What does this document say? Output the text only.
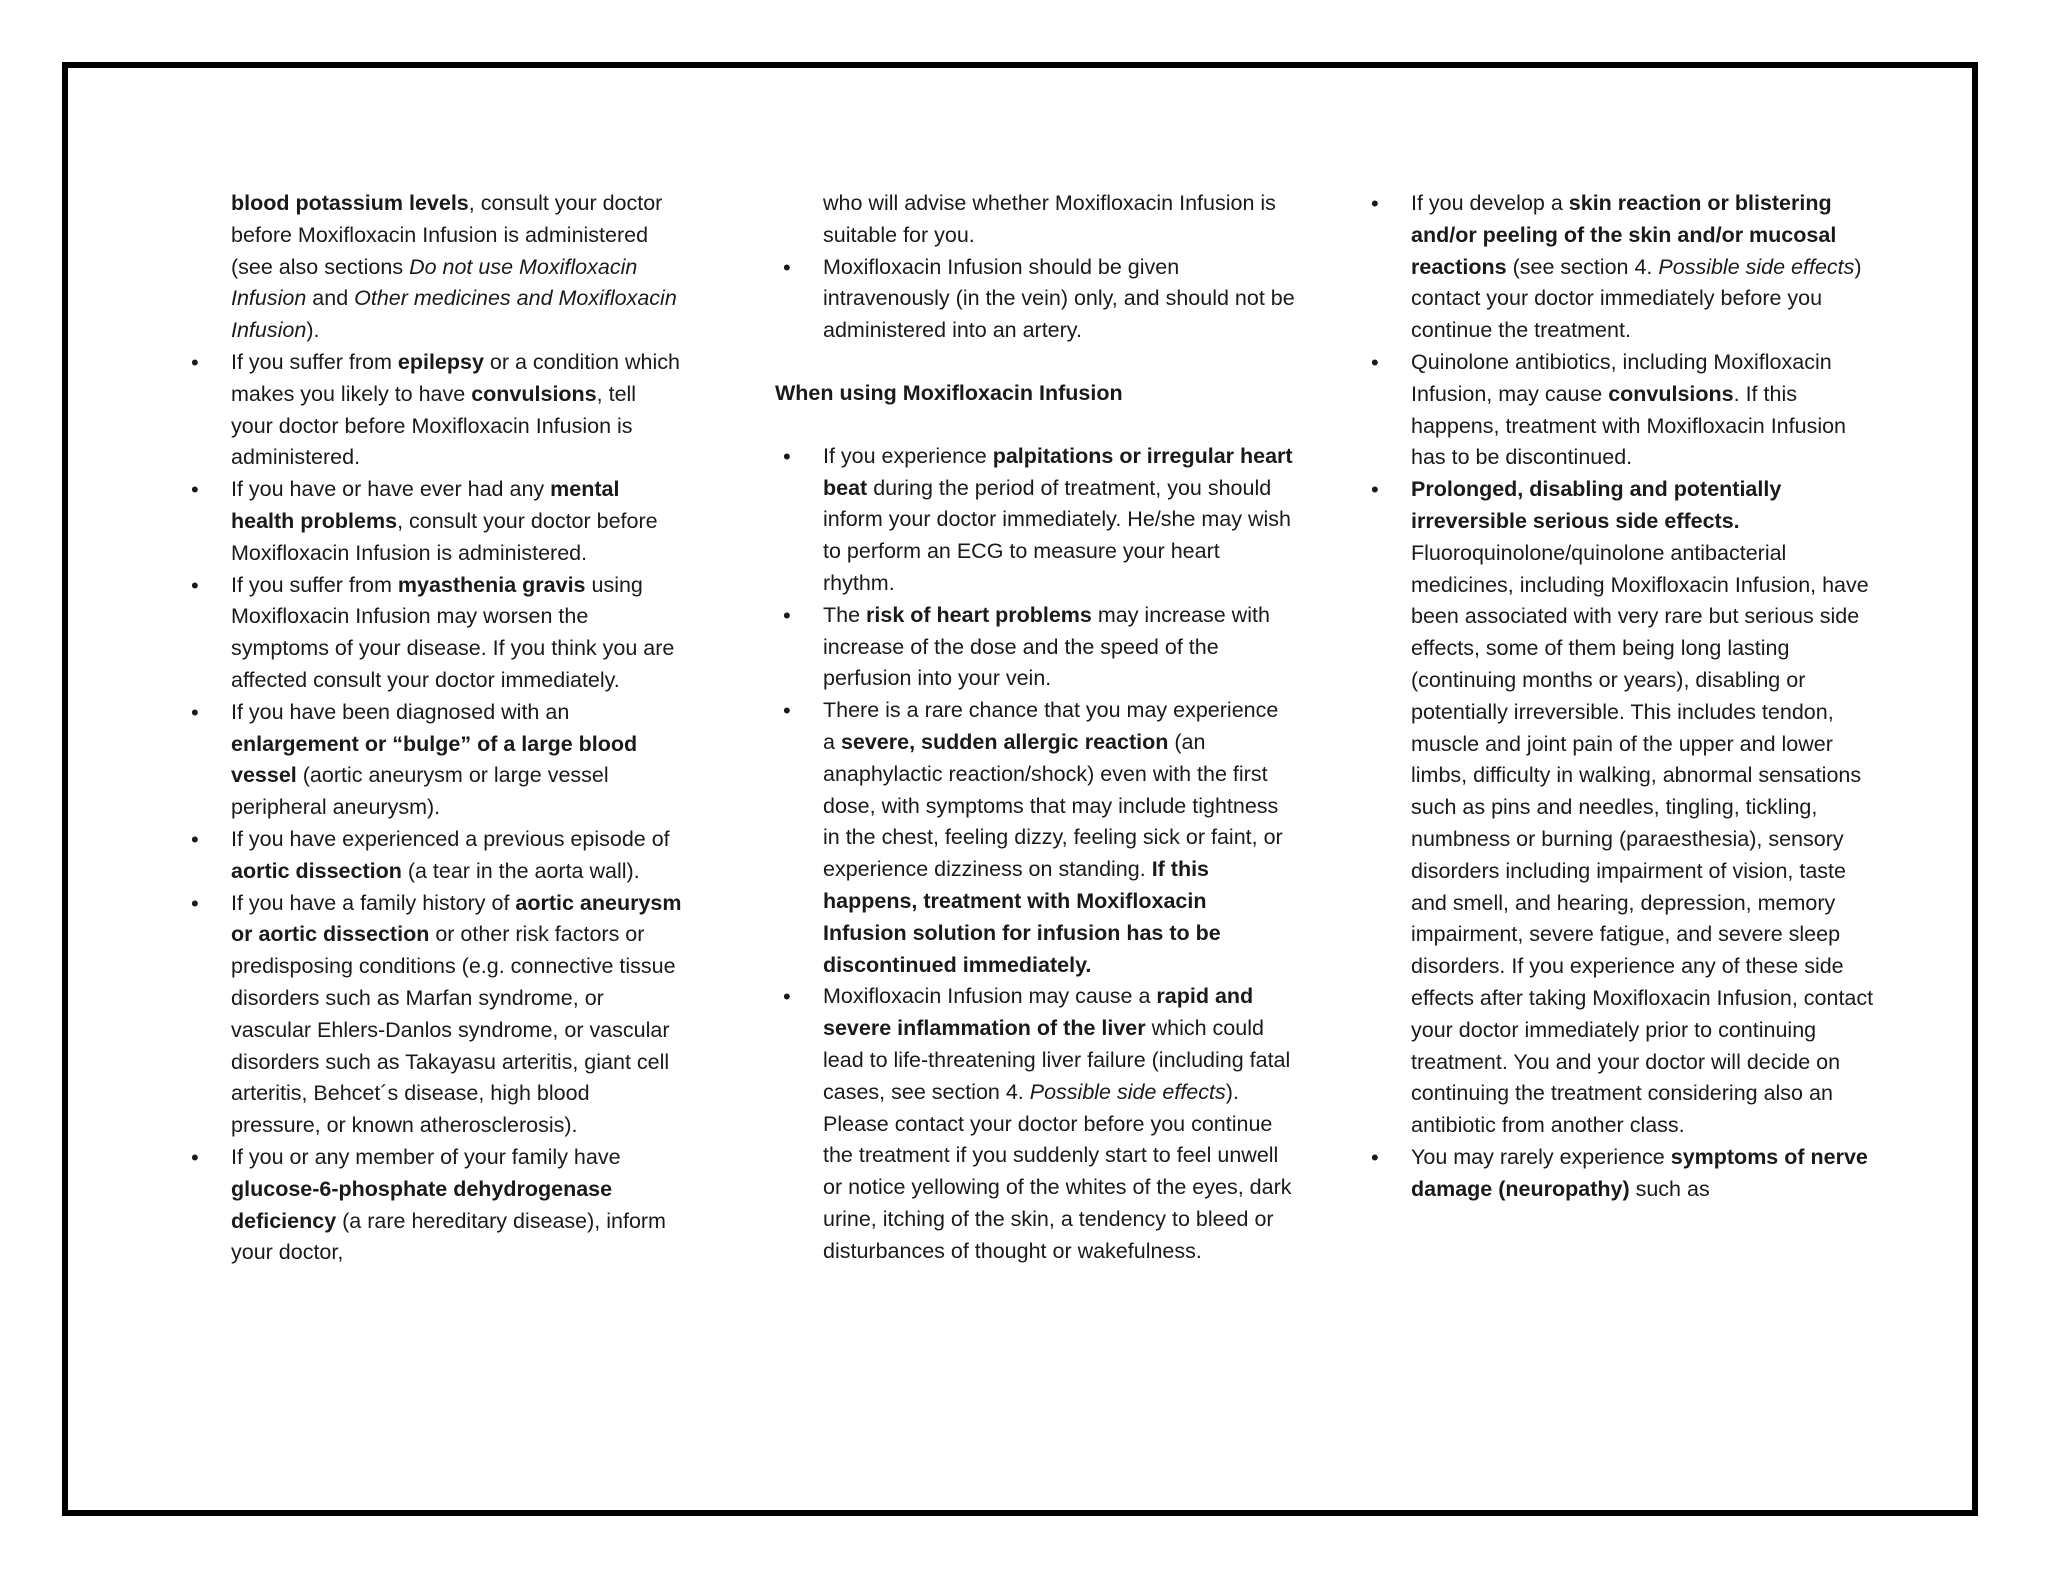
blood potassium levels, consult your doctor before Moxifloxacin Infusion is administered (see also sections Do not use Moxifloxacin Infusion and Other medicines and Moxifloxacin Infusion).
• If you suffer from epilepsy or a condition which makes you likely to have convulsions, tell your doctor before Moxifloxacin Infusion is administered.
• If you have or have ever had any mental health problems, consult your doctor before Moxifloxacin Infusion is administered.
• If you suffer from myasthenia gravis using Moxifloxacin Infusion may worsen the symptoms of your disease. If you think you are affected consult your doctor immediately.
• If you have been diagnosed with an enlargement or “bulge” of a large blood vessel (aortic aneurysm or large vessel peripheral aneurysm).
• If you have experienced a previous episode of aortic dissection (a tear in the aorta wall).
• If you have a family history of aortic aneurysm or aortic dissection or other risk factors or predisposing conditions (e.g. connective tissue disorders such as Marfan syndrome, or vascular Ehlers-Danlos syndrome, or vascular disorders such as Takayasu arteritis, giant cell arteritis, Behcet´s disease, high blood pressure, or known atherosclerosis).
• If you or any member of your family have glucose-6-phosphate dehydrogenase deficiency (a rare hereditary disease), inform your doctor,
who will advise whether Moxifloxacin Infusion is suitable for you.
• Moxifloxacin Infusion should be given intravenously (in the vein) only, and should not be administered into an artery.
When using Moxifloxacin Infusion
• If you experience palpitations or irregular heart beat during the period of treatment, you should inform your doctor immediately. He/she may wish to perform an ECG to measure your heart rhythm.
• The risk of heart problems may increase with increase of the dose and the speed of the perfusion into your vein.
• There is a rare chance that you may experience a severe, sudden allergic reaction (an anaphylactic reaction/shock) even with the first dose, with symptoms that may include tightness in the chest, feeling dizzy, feeling sick or faint, or experience dizziness on standing. If this happens, treatment with Moxifloxacin Infusion solution for infusion has to be discontinued immediately.
• Moxifloxacin Infusion may cause a rapid and severe inflammation of the liver which could lead to life-threatening liver failure (including fatal cases, see section 4. Possible side effects). Please contact your doctor before you continue the treatment if you suddenly start to feel unwell or notice yellowing of the whites of the eyes, dark urine, itching of the skin, a tendency to bleed or disturbances of thought or wakefulness.
• If you develop a skin reaction or blistering and/or peeling of the skin and/or mucosal reactions (see section 4. Possible side effects) contact your doctor immediately before you continue the treatment.
• Quinolone antibiotics, including Moxifloxacin Infusion, may cause convulsions. If this happens, treatment with Moxifloxacin Infusion has to be discontinued.
• Prolonged, disabling and potentially irreversible serious side effects. Fluoroquinolone/quinolone antibacterial medicines, including Moxifloxacin Infusion, have been associated with very rare but serious side effects, some of them being long lasting (continuing months or years), disabling or potentially irreversible. This includes tendon, muscle and joint pain of the upper and lower limbs, difficulty in walking, abnormal sensations such as pins and needles, tingling, tickling, numbness or burning (paraesthesia), sensory disorders including impairment of vision, taste and smell, and hearing, depression, memory impairment, severe fatigue, and severe sleep disorders. If you experience any of these side effects after taking Moxifloxacin Infusion, contact your doctor immediately prior to continuing treatment. You and your doctor will decide on continuing the treatment considering also an antibiotic from another class.
• You may rarely experience symptoms of nerve damage (neuropathy) such as
